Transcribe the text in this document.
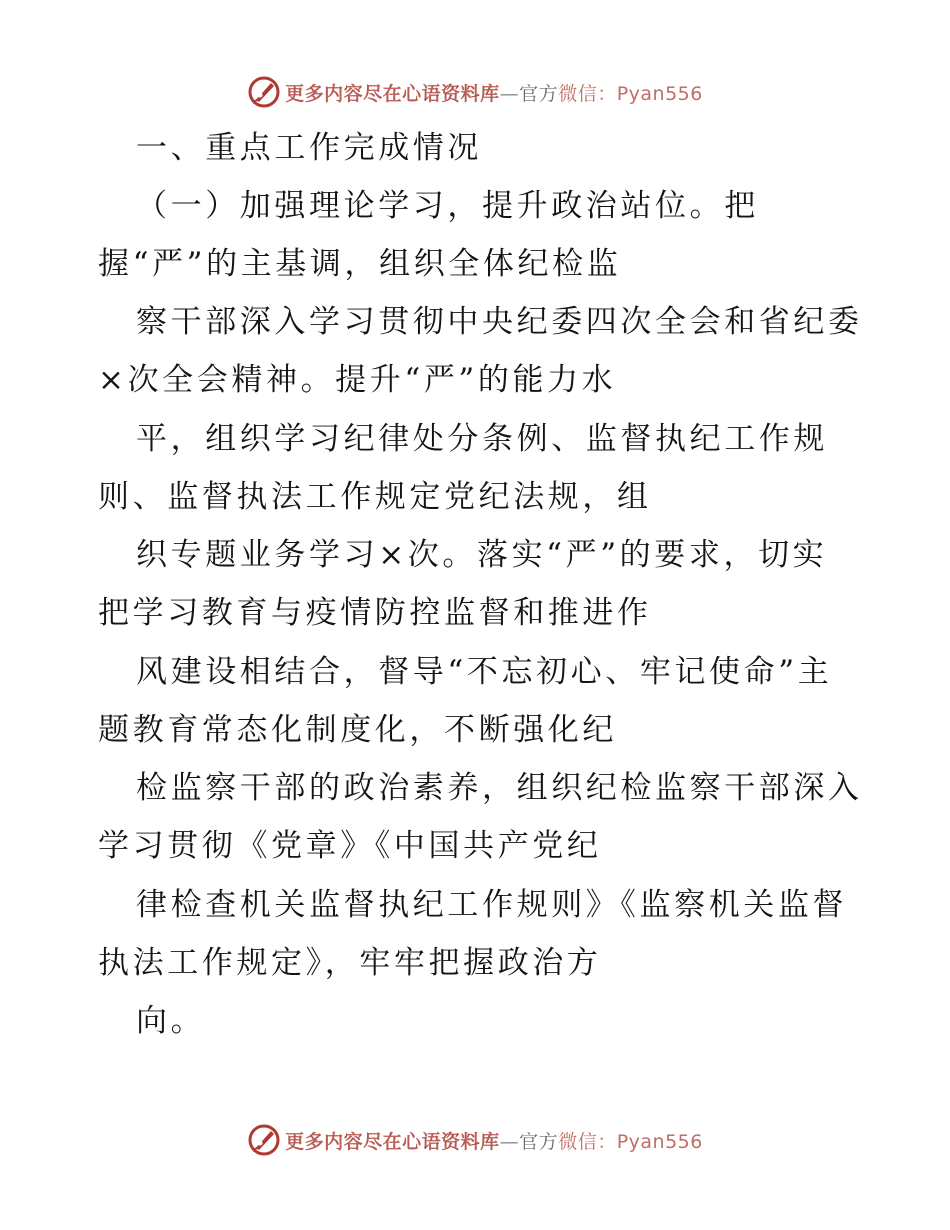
更多内容尽在心语资料库—官方微信：Pyan556
一、重点工作完成情况
（一）加强理论学习，提升政治站位。把
握“严”的主基调，组织全体纪检监
察干部深入学习贯彻中央纪委四次全会和省纪委
×次全会精神。提升“严”的能力水
平，组织学习纪律处分条例、监督执纪工作规
则、监督执法工作规定党纪法规，组
织专题业务学习×次。落实“严”的要求，切实
把学习教育与疫情防控监督和推进作
风建设相结合，督导“不忘初心、牢记使命”主
题教育常态化制度化，不断强化纪
检监察干部的政治素养，组织纪检监察干部深入
学习贯彻《党章》《中国共产党纪
律检查机关监督执纪工作规则》《监察机关监督
执法工作规定》，牢牢把握政治方
向。
更多内容尽在心语资料库—官方微信：Pyan556
